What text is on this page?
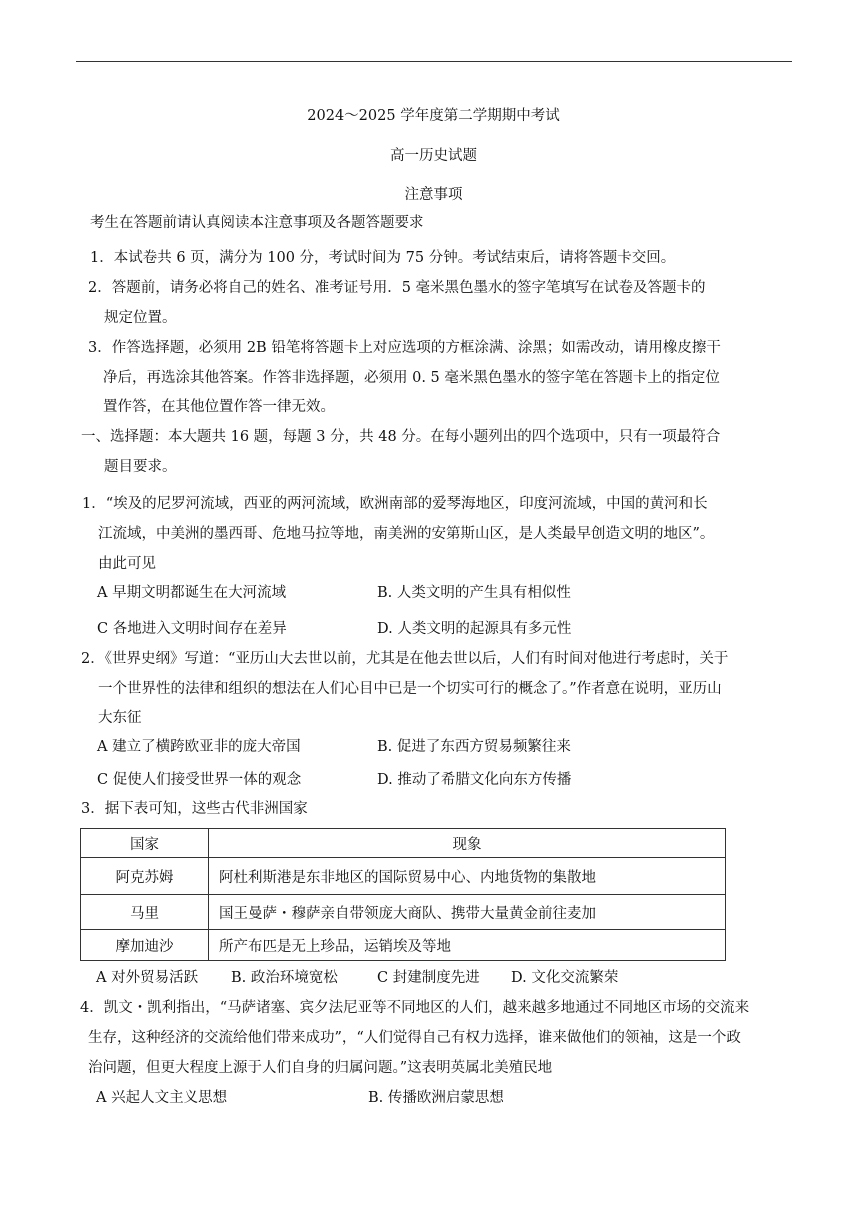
2024～2025 学年度第二学期期中考试
高一历史试题
注意事项
考生在答题前请认真阅读本注意事项及各题答题要求
1．本试卷共 6 页，满分为 100 分，考试时间为 75 分钟。考试结束后，请将答题卡交回。
2．答题前，请务必将自己的姓名、准考证号用．5 毫米黑色墨水的签字笔填写在试卷及答题卡的
规定位置。
3．作答选择题，必须用 2B 铅笔将答题卡上对应选项的方框涂满、涂黑；如需改动，请用橡皮擦干
净后，再选涂其他答案。作答非选择题，必须用 0. 5 毫米黑色墨水的签字笔在答题卡上的指定位
置作答，在其他位置作答一律无效。
一、选择题：本大题共 16 题，每题 3 分，共 48 分。在每小题列出的四个选项中，只有一项最符合
题目要求。
1．“埃及的尼罗河流域，西亚的两河流域，欧洲南部的爱琴海地区，印度河流域，中国的黄河和长
江流域，中美洲的墨西哥、危地马拉等地，南美洲的安第斯山区，是人类最早创造文明的地区”。
由此可见
A 早期文明都诞生在大河流域	B. 人类文明的产生具有相似性
C 各地进入文明时间存在差异	D. 人类文明的起源具有多元性
2．《世界史纲》写道：“亚历山大去世以前，尤其是在他去世以后，人们有时间对他进行考虑时，关于
一个世界性的法律和组织的想法在人们心目中已是一个切实可行的概念了。”作者意在说明，亚历山
大东征
A 建立了横跨欧亚非的庞大帝国	B. 促进了东西方贸易频繁往来
C 促使人们接受世界一体的观念	D. 推动了希腊文化向东方传播
3．据下表可知，这些古代非洲国家
国家	现象
阿克苏姆	阿杜利斯港是东非地区的国际贸易中心、内地货物的集散地
马里	国王曼萨・穆萨亲自带领庞大商队、携带大量黄金前往麦加
摩加迪沙	所产布匹是无上珍品，运销埃及等地
A 对外贸易活跃 B. 政治环境宽松	C 封建制度先进 D. 文化交流繁荣
4．凯文・凯利指出，“马萨诸塞、宾夕法尼亚等不同地区的人们，越来越多地通过不同地区市场的交流来
生存，这种经济的交流给他们带来成功”，“人们觉得自己有权力选择，谁来做他们的领袖，这是一个政
治问题，但更大程度上源于人们自身的归属问题。”这表明英属北美殖民地
A 兴起人文主义思想	B. 传播欧洲启蒙思想
